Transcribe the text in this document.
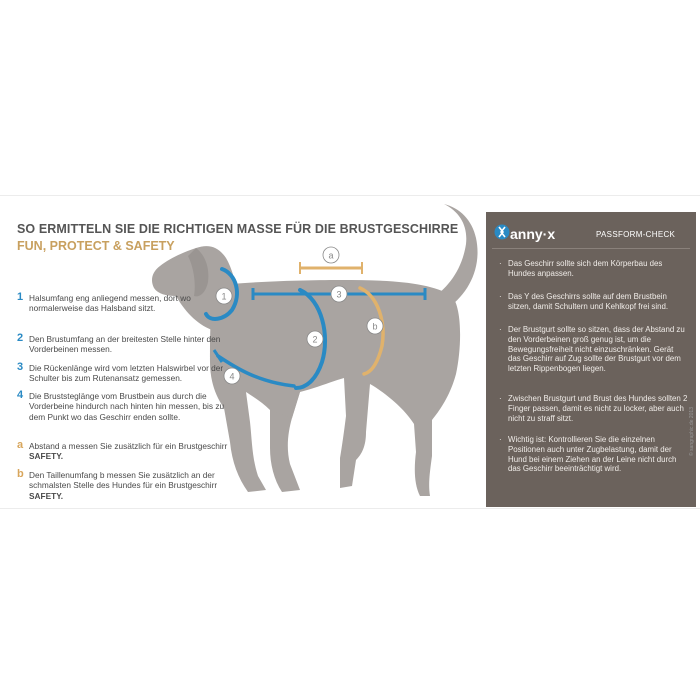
1	3
2
b
a
4
SO ERMITTELN SIE DIE RICHTIGEN MASSE FÜR DIE BRUSTGESCHIRRE
FUN, PROTECT & SAFETY
1 Halsumfang eng anliegend messen, dort wo normalerweise das Halsband sitzt.
2 Den Brustumfang an der breitesten Stelle hinter den Vorderbeinen messen.
3 Die Rückenlänge wird vom letzten Halswirbel vor der Schulter bis zum Rutenansatz gemessen.
4 Die Bruststeglänge vom Brustbein aus durch die Vorderbeine hindurch nach hinten hin messen, bis zu dem Punkt wo das Geschirr enden sollte.
a Abstand a messen Sie zusätzlich für ein Brustgeschirr SAFETY.
b Den Taillenumfang b messen Sie zusätzlich an der schmalsten Stelle des Hundes für ein Brustgeschirr SAFETY.
anny·x	PASSFORM-CHECK
· Das Geschirr sollte sich dem Körperbau des Hundes anpassen.
· Das Y des Geschirrs sollte auf dem Brustbein sitzen, damit Schultern und Kehlkopf frei sind.
· Der Brustgurt sollte so sitzen, dass der Abstand zu den Vorderbeinen groß genug ist, um die Bewegungsfreiheit nicht einzuschränken. Gerät das Geschirr auf Zug sollte der Brustgurt vor dem letzten Rippenbogen liegen.
· Zwischen Brustgurt und Brust des Hundes sollten 2 Finger passen, damit es nicht zu locker, aber auch nicht zu straff sitzt.
· Wichtig ist: Kontrollieren Sie die einzelnen Positionen auch unter Zugbelastung, damit der Hund bei einem Ziehen an der Leine nicht durch das Geschirr beeinträchtigt wird.
© sangraphic.de 2013
